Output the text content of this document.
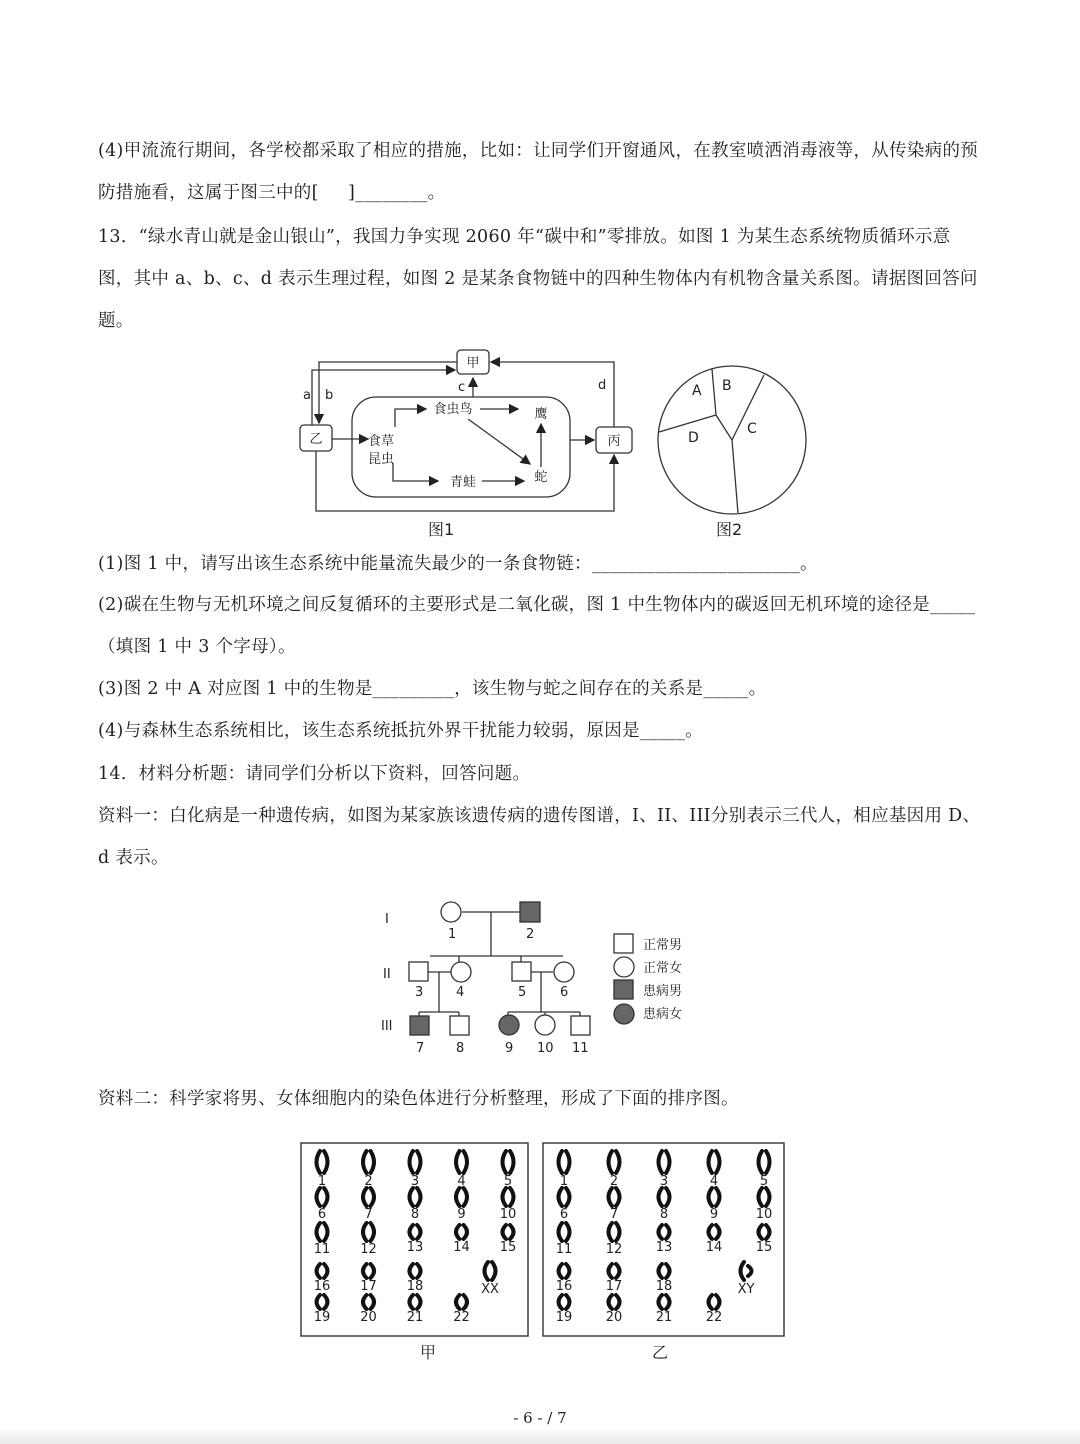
(4)甲流流行期间，各学校都采取了相应的措施，比如：让同学们开窗通风，在教室喷洒消毒液等，从传染病的预防措施看，这属于图三中的[     ]________。

13．“绿水青山就是金山银山”，我国力争实现 2060 年“碳中和”零排放。如图 1 为某生态系统物质循环示意图，其中 a、b、c、d 表示生理过程，如图 2 是某条食物链中的四种生物体内有机物含量关系图。请据图回答问题。

甲
乙	丙
a b
c	d
食草
昆虫
食虫鸟	鹰
青蛙	蛇
图1
A B
C
D
图2

(1)图 1 中，请写出该生态系统中能量流失最少的一条食物链：_______________________。

(2)碳在生物与无机环境之间反复循环的主要形式是二氧化碳，图 1 中生物体内的碳返回无机环境的途径是_____（填图 1 中 3 个字母）。

(3)图 2 中 A 对应图 1 中的生物是_________，该生物与蛇之间存在的关系是_____。

(4)与森林生态系统相比，该生态系统抵抗外界干扰能力较弱，原因是_____。

14．材料分析题：请同学们分析以下资料，回答问题。

资料一：白化病是一种遗传病，如图为某家族该遗传病的遗传图谱，I、II、III分别表示三代人，相应基因用 D、d 表示。

I
II
III
1	2
3	4	5	6
7 8	9 10 11
正常男
正常女
患病男
患病女

资料二：科学家将男、女体细胞内的染色体进行分析整理，形成了下面的排序图。

1	2	3	4	5
6	7	8	9	10
11 12 13 14 15
16 17 18
19 20 21 22
XX
甲
1	2	3	4	5
6	7	8	9	10
11	12	13	14	15
16	17	18
19	20	21	22
XY
乙
- 6 - / 7
